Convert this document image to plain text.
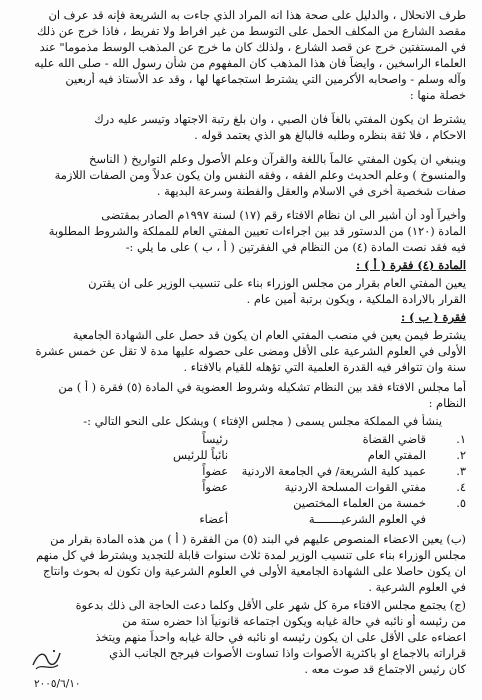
طرف الانحلال ، والدليل على صحة هذا انه المراد الذي جاءت به الشريعة فإنه قد عرف ان
مقصد الشارع من المكلف الحمل على التوسط من غير افراط ولا تفريط ، فاذا خرج عن ذلك
في المستفتين خرج عن قصد الشارع ، ولذلك كان ما خرج عن المذهب الوسط مذموما" عند
العلماء الراسخين ، وايضاً فان هذا المذهب كان المفهوم من شأن رسول الله - صلى الله عليه
وآله وسلم - واصحابه الأكرمين التي يشترط استجماعها لها ، وقد عد الأستاذ فيه أربعين
خصلة منها :
يشترط ان يكون المفتي بالغاً فان الصبي ، وان بلغ رتبة الاجتهاد وتيسر عليه درك
الاحكام ، فلا ثقة بنظره وطلبه فالبالغ هو الذي يعتمد قوله .
وينبغي ان يكون المفتي عالماً باللغة والقرآن وعلم الأصول وعلم التواريخ ( الناسخ
والمنسوخ ) وعلم الحديث وعلم الفقه ، وفقه النفس وان يكون عدلاً ومن الصفات اللازمة
صفات شخصية أخرى في الاسلام والعقل والفطنة وسرعة البديهة .
وأخيراً أود أن أشير الى ان نظام الافتاء رقم (١٧) لسنة ١٩٩٧م الصادر بمقتضى
المادة (١٢٠) من الدستور قد بين اجراءات تعيين المفتي العام للمملكة والشروط المطلوبة
فيه فقد نصت المادة (٤) من النظام في الفقرتين ( أ ، ب ) على ما يلي :-
المادة (٤) فقرة ( أ ) :
يعين المفتي العام بقرار من مجلس الوزراء بناء على تنسيب الوزير على ان يقترن
القرار بالارادة الملكية ، ويكون برتبة أمين عام .
فقرة ( ب ) :
يشترط فيمن يعين في منصب المفتي العام ان يكون قد حصل على الشهادة الجامعية
الأولى في العلوم الشرعية على الأقل ومضى على حصوله عليها مدة لا تقل عن خمس عشرة
سنة وان تتوافر فيه القدرة العلمية التي تؤهله للقيام بالافتاء .
أما مجلس الافتاء فقد بين النظام تشكيله وشروط العضوية في المادة (٥) فقرة ( أ ) من
النظام :
ينشأ في المملكة مجلس يسمى ( مجلس الإفتاء ) ويشكل على النحو التالي :-
١.
قاضي القضاة
رئيساً
٢.
المفتي العام
نائباً للرئيس
٣.
عميد كلية الشريعة/ في الجامعة الاردنية
عضواً
٤.
مفتي القوات المسلحة الاردنية
عضواً
٥.
خمسة من العلماء المختصين
في العلوم الشرعيــــــــة
أعضاء
(ب) يعين الاعضاء المنصوص عليهم في البند (٥) من الفقرة ( أ ) من هذه المادة بقرار من
مجلس الوزراء بناء على تنسيب الوزير لمدة ثلاث سنوات قابلة للتجديد ويشترط في كل منهم
ان يكون حاصلا على الشهادة الجامعية الأولى في العلوم الشرعية وان تكون له بحوث وانتاج
في العلوم الشرعية .
(ج) يجتمع مجلس الافتاء مرة كل شهر على الأقل وكلما دعت الحاجة الى ذلك بدعوة
من رئيسه أو نائبه في حالة غيابه ويكون اجتماعه قانونياً اذا حضره ستة من
اعضاءه على الأقل على ان يكون رئيسه او نائبه في حالة غيابه واحداً منهم ويتخذ
قراراته بالاجماع او باكثرية الأصوات واذا تساوت الأصوات فيرجح الجانب الذي
كان رئيس الاجتماع قد صوت معه .
٢٠٠٥/٦/١٠
